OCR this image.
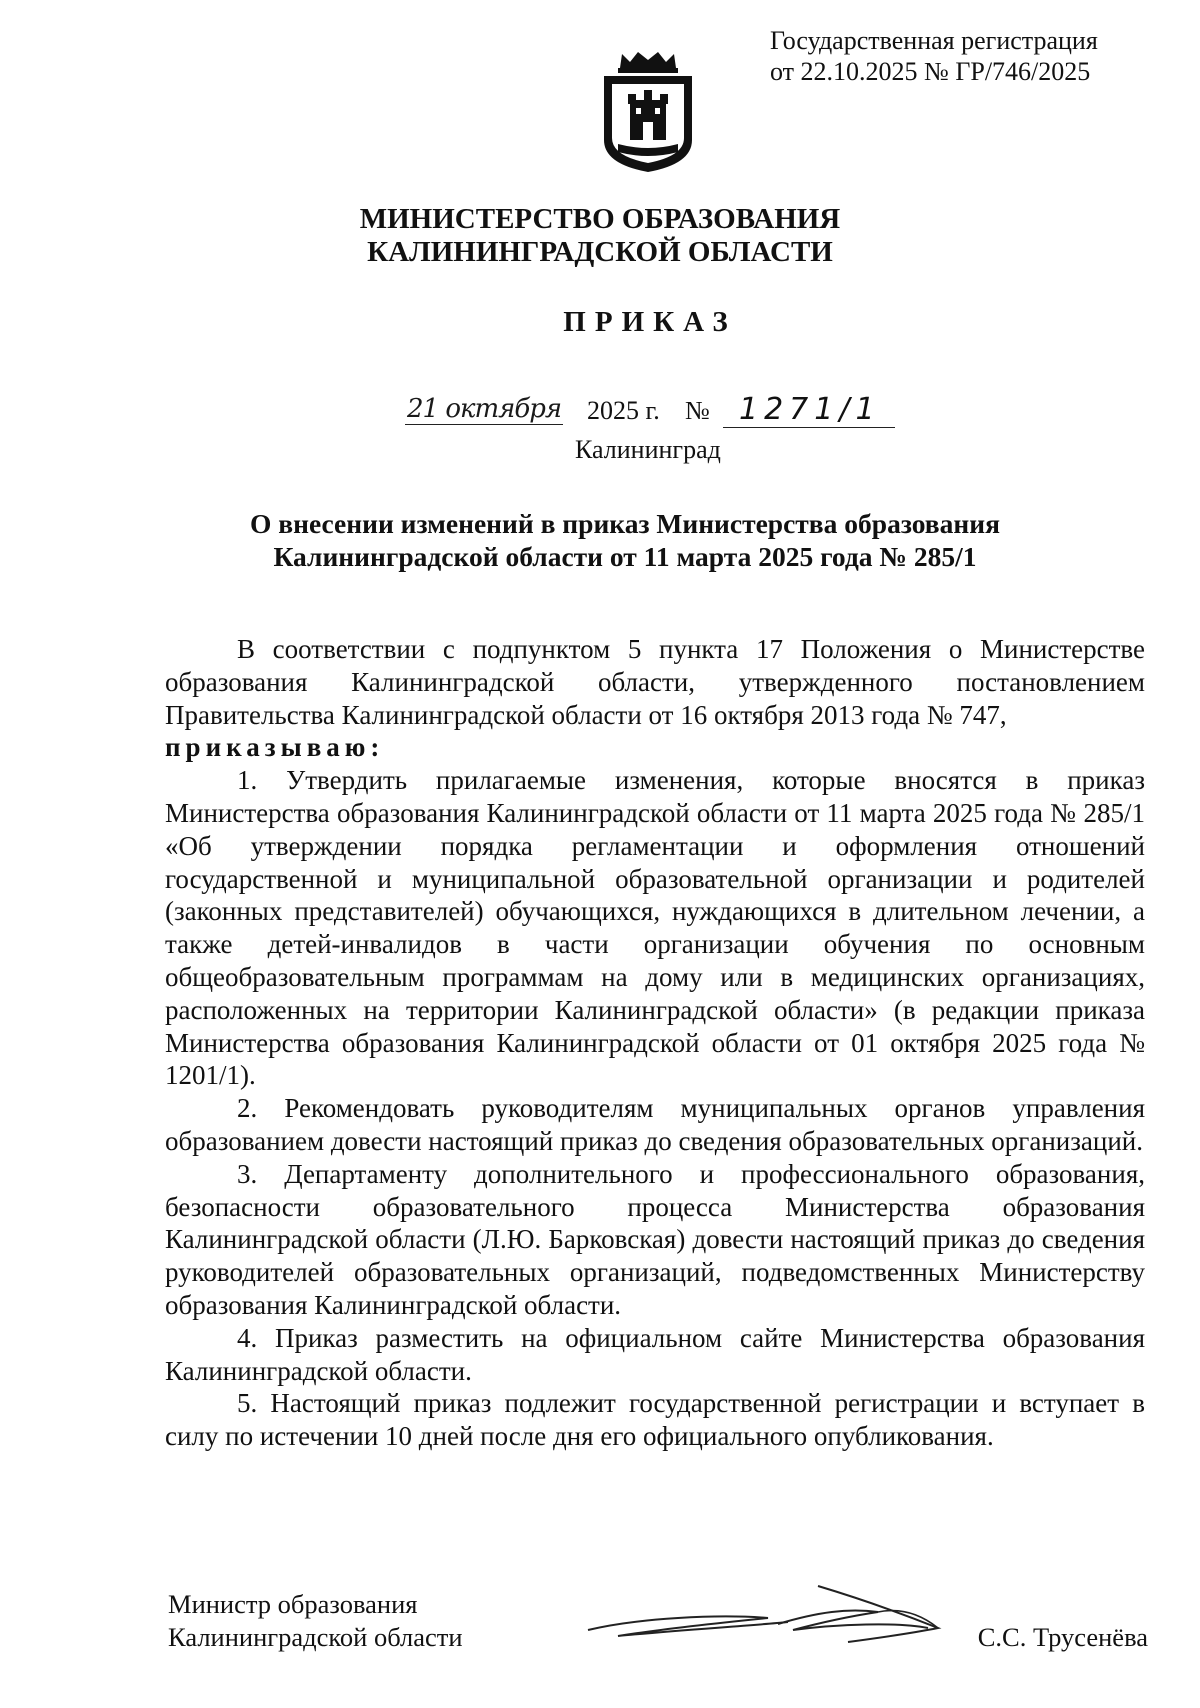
Государственная регистрация
от 22.10.2025 № ГР/746/2025
МИНИСТЕРСТВО ОБРАЗОВАНИЯ
КАЛИНИНГРАДСКОЙ ОБЛАСТИ
ПРИКАЗ
21 октября 2025 г. № 1271/1
Калининград
О внесении изменений в приказ Министерства образования
Калининградской области от 11 марта 2025 года № 285/1

В соответствии с подпунктом 5 пункта 17 Положения о Министерстве образования Калининградской области, утвержденного постановлением Правительства Калининградской области от 16 октября 2013 года № 747,

приказываю:

1. Утвердить прилагаемые изменения, которые вносятся в приказ Министерства образования Калининградской области от 11 марта 2025 года № 285/1 «Об утверждении порядка регламентации и оформления отношений государственной и муниципальной образовательной организации и родителей (законных представителей) обучающихся, нуждающихся в длительном лечении, а также детей-инвалидов в части организации обучения по основным общеобразовательным программам на дому или в медицинских организациях, расположенных на территории Калининградской области» (в редакции приказа Министерства образования Калининградской области от 01 октября 2025 года № 1201/1).

2. Рекомендовать руководителям муниципальных органов управления образованием довести настоящий приказ до сведения образовательных организаций.

3. Департаменту дополнительного и профессионального образования, безопасности образовательного процесса Министерства образования Калининградской области (Л.Ю. Барковская) довести настоящий приказ до сведения руководителей образовательных организаций, подведомственных Министерству образования Калининградской области.

4. Приказ разместить на официальном сайте Министерства образования Калининградской области.

5. Настоящий приказ подлежит государственной регистрации и вступает в силу по истечении 10 дней после дня его официального опубликования.

Министр образования
Калининградской области	С.С. Трусенёва
